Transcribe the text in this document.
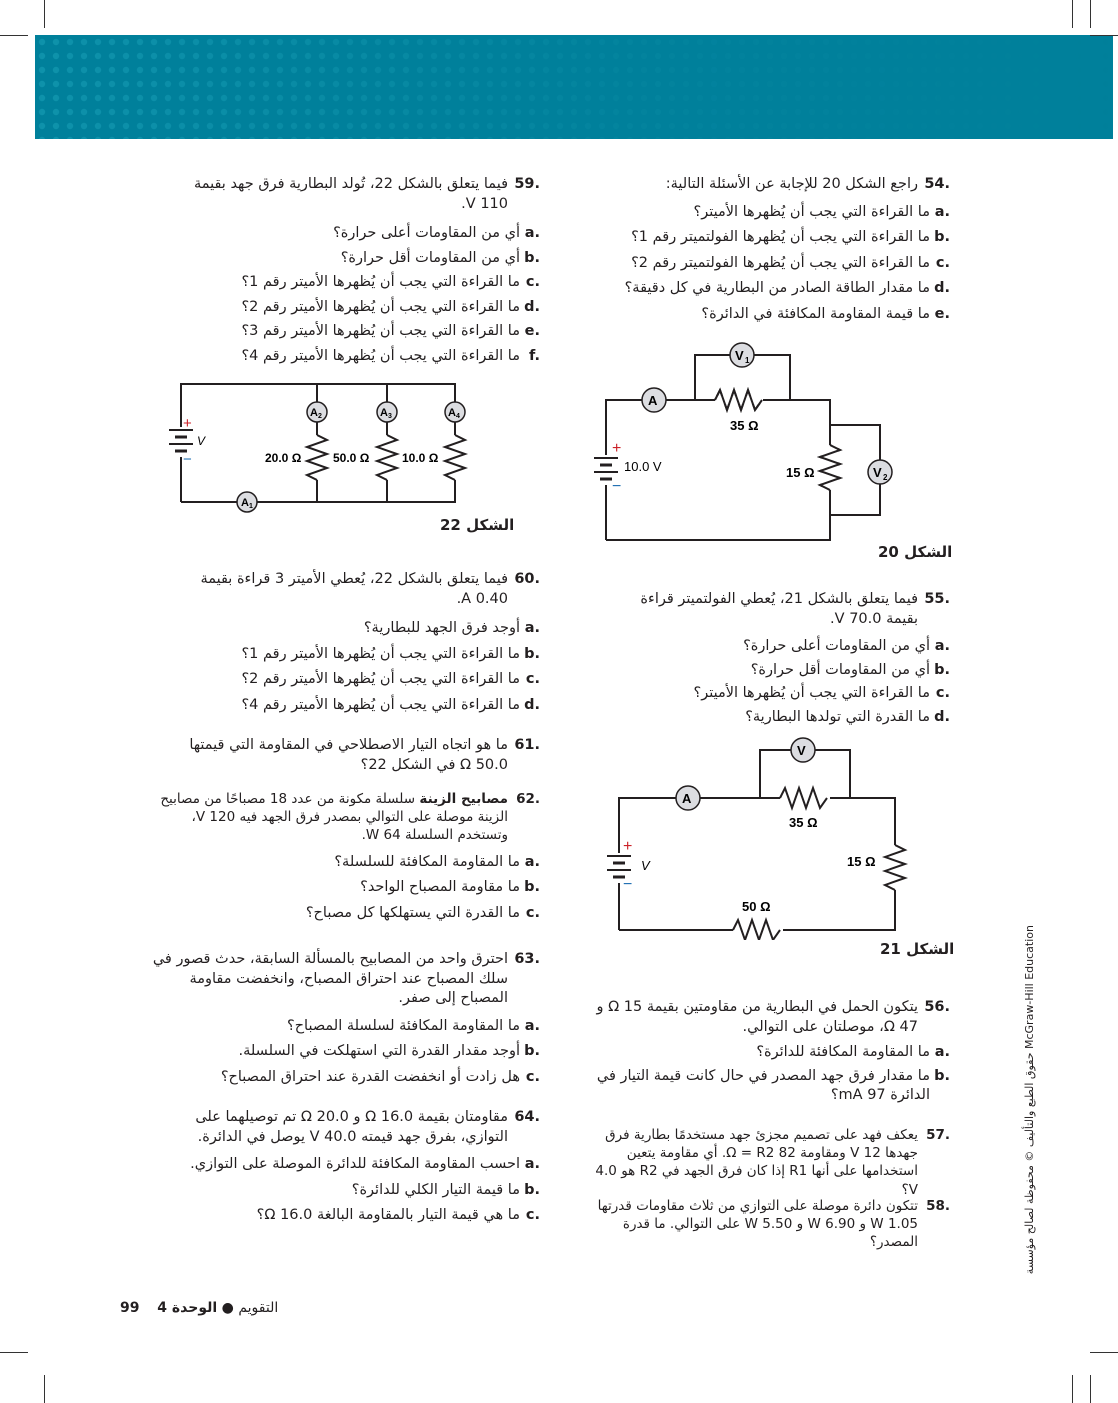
54.
راجع الشكل 20 للإجابة عن الأسئلة التالية:

a.
ما القراءة التي يجب أن يُظهرها الأميتر؟

b.
ما القراءة التي يجب أن يُظهرها الفولتميتر رقم 1؟

c.
ما القراءة التي يجب أن يُظهرها الفولتميتر رقم 2؟

d.
ما مقدار الطاقة الصادر من البطارية في كل دقيقة؟

e.
ما قيمة المقاومة المكافئة في الدائرة؟

+
−
10.0 V
A
V 1
V 2
35 Ω
15 Ω
الشكل 20

55.
فيما يتعلق بالشكل 21، يُعطي الفولتميتر قراءة بقيمة 70.0 V.

a.
أي من المقاومات أعلى حرارة؟

b.
أي من المقاومات أقل حرارة؟

c.
ما القراءة التي يجب أن يُظهرها الأميتر؟

d.
ما القدرة التي تولدها البطارية؟

+
−
V
A
V
35 Ω
15 Ω
50 Ω
الشكل 21

56.
يتكون الحمل في البطارية من مقاومتين بقيمة 15 Ω و 47 Ω، موصلتان على التوالي.

a.
ما المقاومة المكافئة للدائرة؟

b.
ما مقدار فرق جهد المصدر في حال كانت قيمة التيار في الدائرة 97 mA؟

57.
يعكف فهد على تصميم مجزئ جهد مستخدمًا بطارية فرق جهدها 12 V ومقاومة 82 Ω = R2. أي مقاومة يتعين استخدامها على أنها R1 إذا كان فرق الجهد في R2 هو 4.0 V؟

58.
تتكون دائرة موصلة على التوازي من ثلاث مقاومات قدرتها 1.05 W و 6.90 W و 5.50 W على التوالي. ما قدرة المصدر؟

59.
فيما يتعلق بالشكل 22، تُولد البطارية فرق جهد بقيمة 110 V.

a.
أي من المقاومات أعلى حرارة؟

b.
أي من المقاومات أقل حرارة؟

c.
ما القراءة التي يجب أن يُظهرها الأميتر رقم 1؟

d.
ما القراءة التي يجب أن يُظهرها الأميتر رقم 2؟

e.
ما القراءة التي يجب أن يُظهرها الأميتر رقم 3؟

f.
ما القراءة التي يجب أن يُظهرها الأميتر رقم 4؟

+
−
V
A 1
A 2	A 3	A 4
20.0 Ω	50.0 Ω	10.0 Ω
الشكل 22

60.
فيما يتعلق بالشكل 22، يُعطي الأميتر 3 قراءة بقيمة 0.40 A.

a.
أوجد فرق الجهد للبطارية؟

b.
ما القراءة التي يجب أن يُظهرها الأميتر رقم 1؟

c.
ما القراءة التي يجب أن يُظهرها الأميتر رقم 2؟

d.
ما القراءة التي يجب أن يُظهرها الأميتر رقم 4؟

61.
ما هو اتجاه التيار الاصطلاحي في المقاومة التي قيمتها 50.0 Ω في الشكل 22؟

62.
مصابيح الزينة سلسلة مكونة من عدد 18 مصباحًا من مصابيح الزينة موصلة على التوالي بمصدر فرق الجهد فيه 120 V، وتستخدم السلسلة 64 W.

a.
ما المقاومة المكافئة للسلسلة؟

b.
ما مقاومة المصباح الواحد؟

c.
ما القدرة التي يستهلكها كل مصباح؟

63.
احترق واحد من المصابيح بالمسألة السابقة، حدث قصور في سلك المصباح عند احتراق المصباح، وانخفضت مقاومة المصباح إلى صفر.

a.
ما المقاومة المكافئة لسلسلة المصباح؟

b.
أوجد مقدار القدرة التي استهلكت في السلسلة.

c.
هل زادت أو انخفضت القدرة عند احتراق المصباح؟

64.
مقاومتان بقيمة 16.0 Ω و 20.0 Ω تم توصيلهما على التوازي، بفرق جهد قيمته 40.0 V يوصل في الدائرة.

a.
احسب المقاومة المكافئة للدائرة الموصلة على التوازي.

b.
ما قيمة التيار الكلي للدائرة؟

c.
ما هي قيمة التيار بالمقاومة البالغة 16.0 Ω؟	McGraw-Hill Education حقوق الطبع والتأليف © محفوظة لصالح مؤسسة
99	التقويم ● الوحدة 4
